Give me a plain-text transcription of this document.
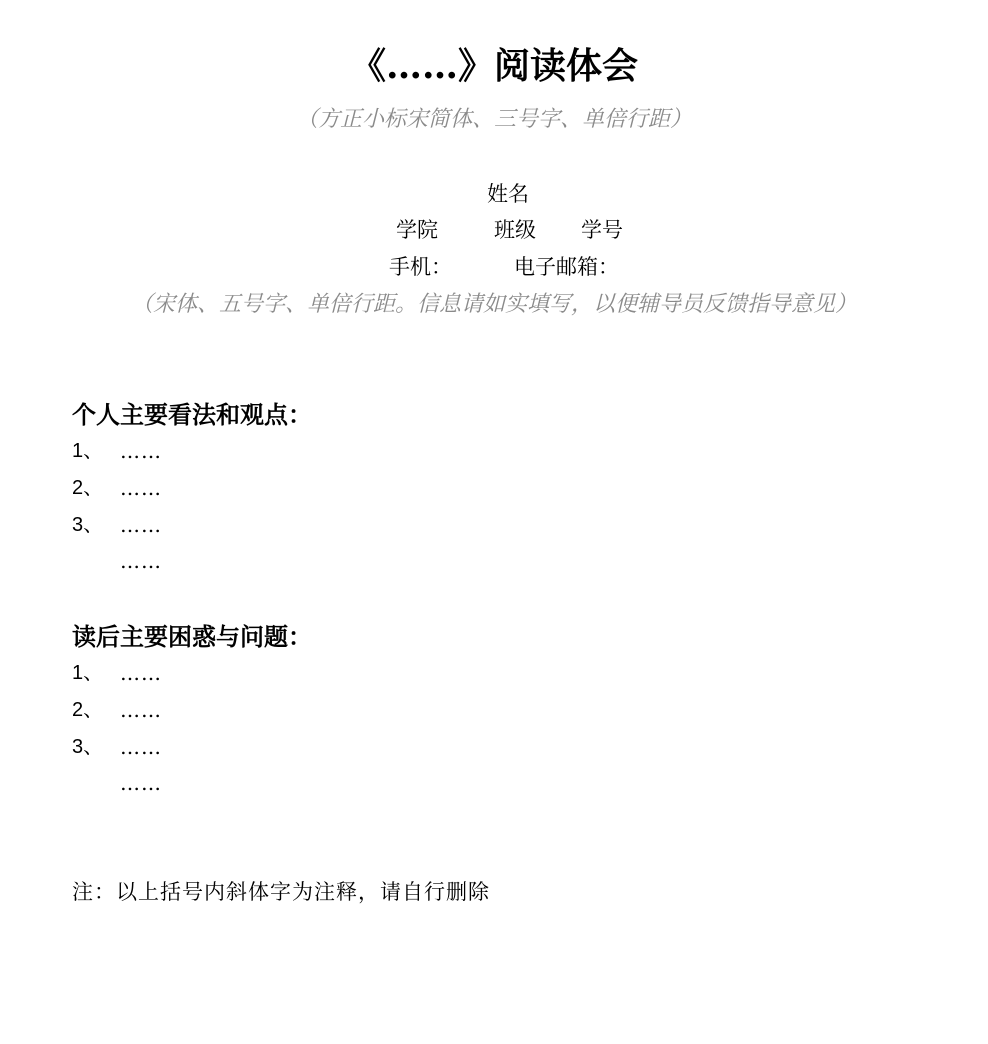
《……》阅读体会
（方正小标宋简体、三号字、单倍行距）
姓名
学院	班级 学号
手机：	电子邮箱：
（宋体、五号字、单倍行距。信息请如实填写，以便辅导员反馈指导意见）
个人主要看法和观点：
1、 ……
2、 ……
3、 ……
……
读后主要困惑与问题：
1、 ……
2、 ……
3、 ……
……
注：以上括号内斜体字为注释，请自行删除
